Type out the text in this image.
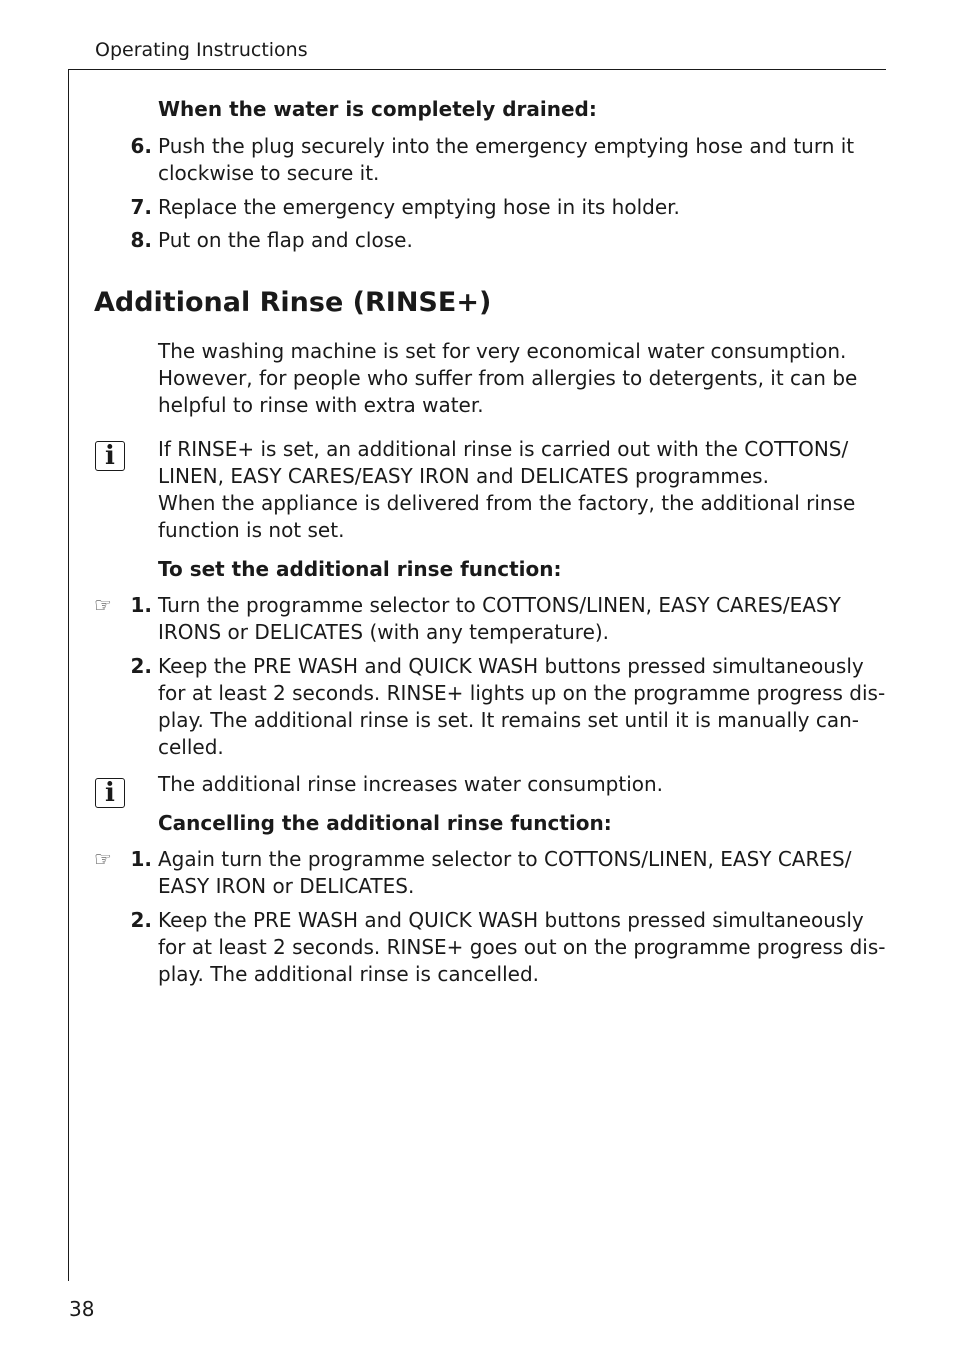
Operating Instructions
When the water is completely drained:
6. Push the plug securely into the emergency emptying hose and turn it
clockwise to secure it.
7. Replace the emergency emptying hose in its holder.
8. Put on the flap and close.
Additional Rinse (RINSE+)
The washing machine is set for very economical water consumption.
However, for people who suffer from allergies to detergents, it can be
helpful to rinse with extra water.
i If RINSE+ is set, an additional rinse is carried out with the COTTONS/
LINEN, EASY CARES/EASY IRON and DELICATES programmes.
When the appliance is delivered from the factory, the additional rinse
function is not set.
To set the additional rinse function:
☞ 1. Turn the programme selector to COTTONS/LINEN, EASY CARES/EASY
IRONS or DELICATES (with any temperature).
2. Keep the PRE WASH and QUICK WASH buttons pressed simultaneously
for at least 2 seconds. RINSE+ lights up on the programme progress dis-
play. The additional rinse is set. It remains set until it is manually can-
celled.
i The additional rinse increases water consumption.
Cancelling the additional rinse function:
☞ 1. Again turn the programme selector to COTTONS/LINEN, EASY CARES/
EASY IRON or DELICATES.
2. Keep the PRE WASH and QUICK WASH buttons pressed simultaneously
for at least 2 seconds. RINSE+ goes out on the programme progress dis-
play. The additional rinse is cancelled.
38
